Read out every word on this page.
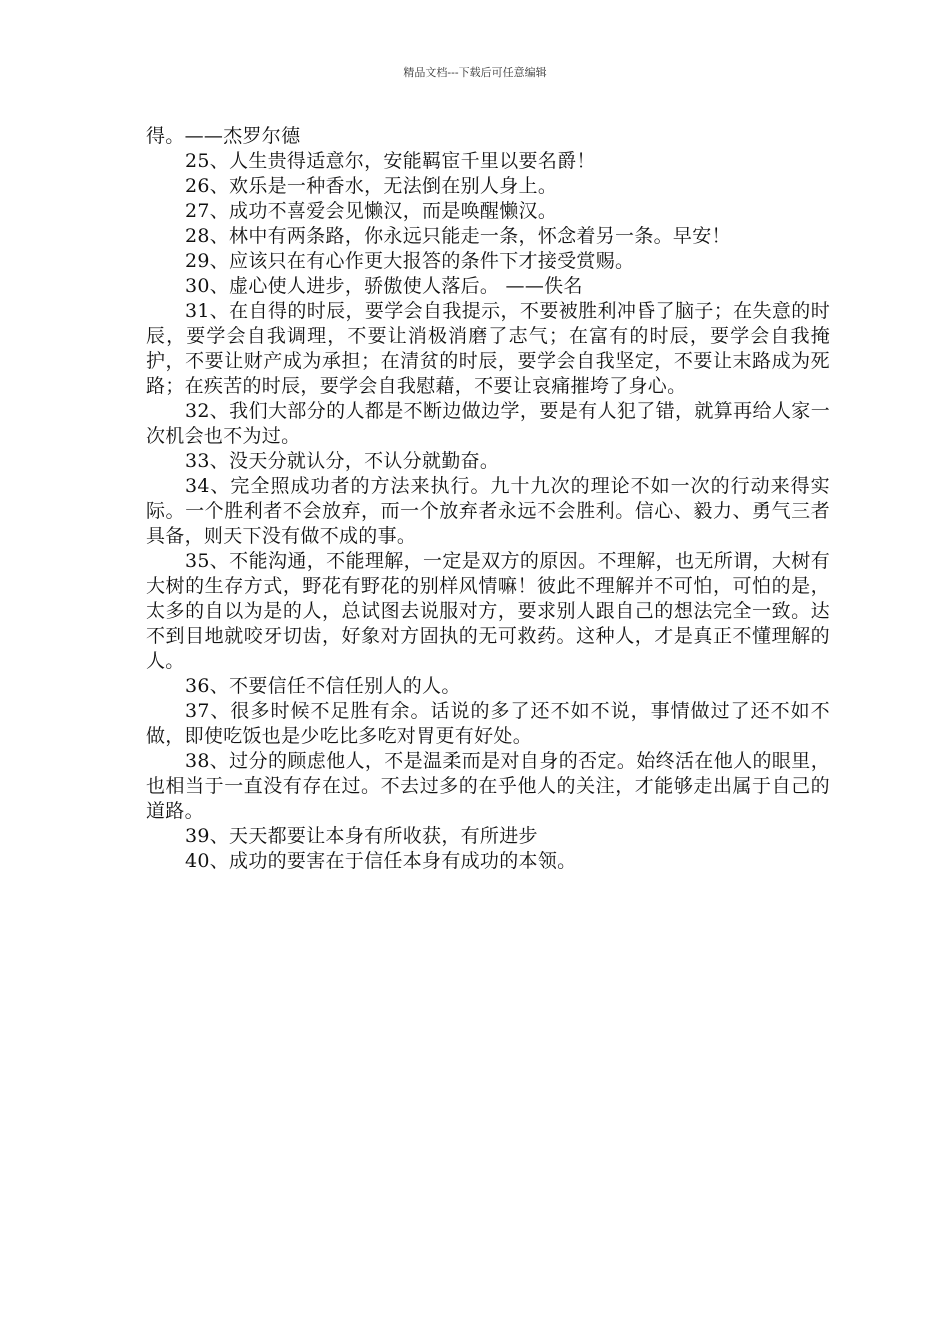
精品文档---下载后可任意编辑

得。——杰罗尔德

25、人生贵得适意尔，安能羁宦千里以要名爵！

26、欢乐是一种香水，无法倒在别人身上。

27、成功不喜爱会见懒汉，而是唤醒懒汉。

28、林中有两条路，你永远只能走一条，怀念着另一条。早安！

29、应该只在有心作更大报答的条件下才接受赏赐。

30、虚心使人进步，骄傲使人落后。 ——佚名

31、在自得的时辰，要学会自我提示，不要被胜利冲昏了脑子；在失意的时辰，要学会自我调理，不要让消极消磨了志气；在富有的时辰，要学会自我掩护，不要让财产成为承担；在清贫的时辰，要学会自我坚定，不要让末路成为死路；在疾苦的时辰，要学会自我慰藉，不要让哀痛摧垮了身心。

32、我们大部分的人都是不断边做边学，要是有人犯了错，就算再给人家一次机会也不为过。

33、没天分就认分，不认分就勤奋。

34、完全照成功者的方法来执行。九十九次的理论不如一次的行动来得实际。一个胜利者不会放弃，而一个放弃者永远不会胜利。信心、毅力、勇气三者具备，则天下没有做不成的事。

35、不能沟通，不能理解，一定是双方的原因。不理解，也无所谓，大树有大树的生存方式，野花有野花的别样风情嘛！彼此不理解并不可怕，可怕的是，太多的自以为是的人，总试图去说服对方，要求别人跟自己的想法完全一致。达不到目地就咬牙切齿，好象对方固执的无可救药。这种人，才是真正不懂理解的人。

36、不要信任不信任别人的人。

37、很多时候不足胜有余。话说的多了还不如不说，事情做过了还不如不做，即使吃饭也是少吃比多吃对胃更有好处。

38、过分的顾虑他人，不是温柔而是对自身的否定。始终活在他人的眼里，也相当于一直没有存在过。不去过多的在乎他人的关注，才能够走出属于自己的道路。

39、天天都要让本身有所收获，有所进步

40、成功的要害在于信任本身有成功的本领。
